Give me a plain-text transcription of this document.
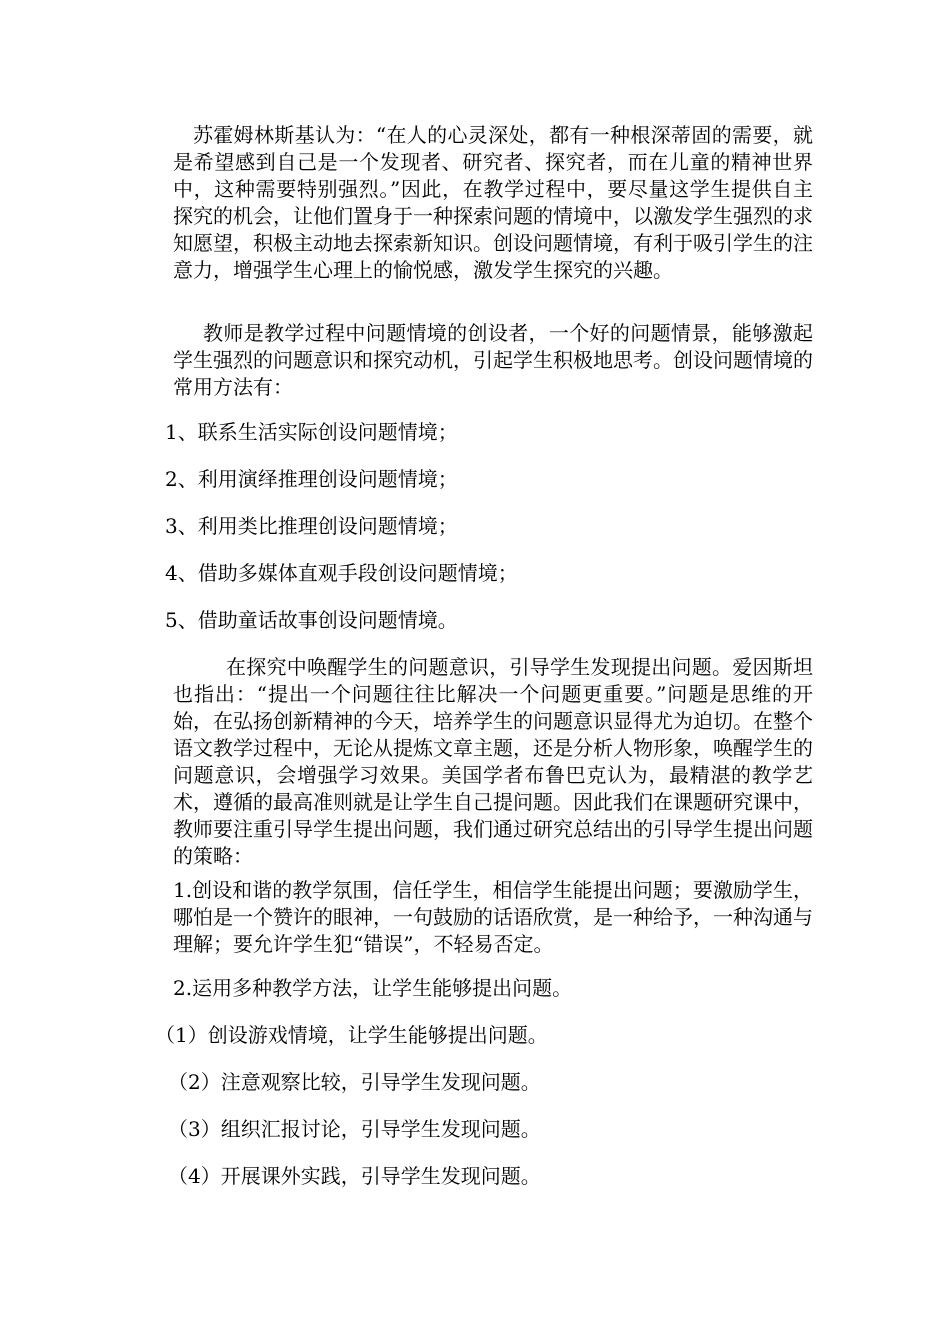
苏霍姆林斯基认为：“在人的心灵深处，都有一种根深蒂固的需要，就是希望感到自己是一个发现者、研究者、探究者，而在儿童的精神世界中，这种需要特别强烈。”因此，在教学过程中，要尽量这学生提供自主探究的机会，让他们置身于一种探索问题的情境中，以激发学生强烈的求知愿望，积极主动地去探索新知识。创设问题情境，有利于吸引学生的注意力，增强学生心理上的愉悦感，激发学生探究的兴趣。

教师是教学过程中问题情境的创设者，一个好的问题情景，能够激起学生强烈的问题意识和探究动机，引起学生积极地思考。创设问题情境的常用方法有：

1、联系生活实际创设问题情境；

2、利用演绎推理创设问题情境；

3、利用类比推理创设问题情境；

4、借助多媒体直观手段创设问题情境；

5、借助童话故事创设问题情境。

在探究中唤醒学生的问题意识，引导学生发现提出问题。爱因斯坦也指出：“提出一个问题往往比解决一个问题更重要。”问题是思维的开始，在弘扬创新精神的今天，培养学生的问题意识显得尤为迫切。在整个语文教学过程中，无论从提炼文章主题，还是分析人物形象，唤醒学生的问题意识，会增强学习效果。美国学者布鲁巴克认为，最精湛的教学艺术，遵循的最高准则就是让学生自己提问题。因此我们在课题研究课中，教师要注重引导学生提出问题，我们通过研究总结出的引导学生提出问题的策略：

1.创设和谐的教学氛围，信任学生，相信学生能提出问题；要激励学生，哪怕是一个赞许的眼神，一句鼓励的话语欣赏，是一种给予，一种沟通与理解；要允许学生犯“错误”，不轻易否定。

2.运用多种教学方法，让学生能够提出问题。

（1）创设游戏情境，让学生能够提出问题。

（2）注意观察比较，引导学生发现问题。

（3）组织汇报讨论，引导学生发现问题。

（4）开展课外实践，引导学生发现问题。
